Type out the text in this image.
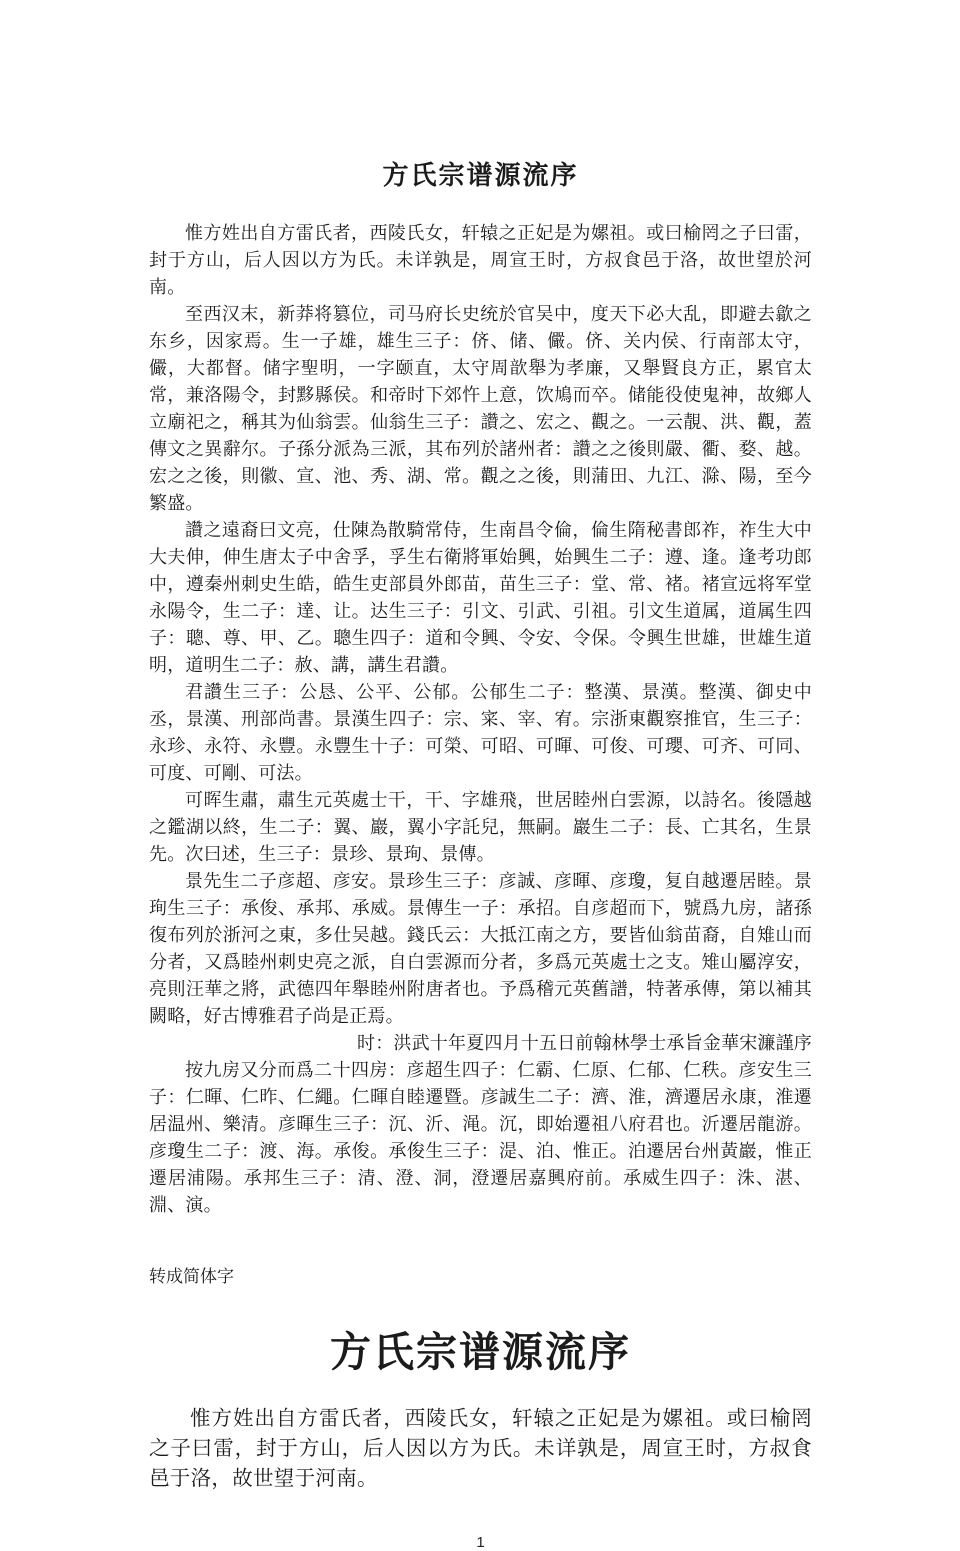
方氏宗谱源流序

惟方姓出自方雷氏者，西陵氏女，轩辕之正妃是为嫘祖。或曰榆罔之子曰雷，封于方山，后人因以方为氏。未详孰是，周宣王时，方叔食邑于洛，故世望於河南。

至西汉末，新莽将篡位，司马府长史统於官吴中，度天下必大乱，即避去歙之东乡，因家焉。生一子雄，雄生三子：侪、储、儼。侪、关内侯、行南部太守，儼，大都督。储字聖明，一字颐直，太守周歆舉为孝廉，又舉賢良方正，累官太常，兼洛陽令，封黟縣侯。和帝时下郊忤上意，饮鳩而卒。储能役使鬼神，故鄉人立廟祀之，稱其为仙翁雲。仙翁生三子：讚之、宏之、觀之。一云靚、洪、觀，蓋傳文之異辭尔。子孫分派為三派，其布列於諸州者：讚之之後則嚴、衢、婺、越。宏之之後，則徽、宣、池、秀、湖、常。觀之之後，則蒲田、九江、滁、陽，至今繁盛。

讚之遠裔曰文亮，仕陳為散騎常侍，生南昌令倫，倫生隋秘書郎祚，祚生大中大夫伸，伸生唐太子中舍孚，孚生右衛將軍始興，始興生二子：遵、逢。逢考功郎中，遵秦州刺史生皓，皓生吏部員外郎苗，苗生三子：堂、常、褚。褚宣远将军堂永陽令，生二子：達、让。达生三子：引文、引武、引祖。引文生道属，道属生四子：聰、尊、甲、乙。聰生四子：道和令興、令安、令保。令興生世雄，世雄生道明，道明生二子：赦、講，講生君讚。

君讚生三子：公恳、公平、公郁。公郁生二子：整漢、景漢。整漢、御史中丞，景漢、刑部尚書。景漢生四子：宗、寀、宰、宥。宗浙東觀察推官，生三子：永珍、永符、永豐。永豐生十子：可榮、可昭、可暉、可俊、可瓔、可齐、可同、可度、可剛、可法。

可晖生肅，肅生元英處士干，干、字雄飛，世居睦州白雲源，以詩名。後隱越之鑑湖以終，生二子：翼、巖，翼小字託兒，無嗣。巖生二子：長、亡其名，生景先。次曰述，生三子：景珍、景珣、景傳。

景先生二子彦超、彦安。景珍生三子：彦誠、彦暉、彦瓊，复自越遷居睦。景珣生三子：承俊、承邦、承威。景傳生一子：承招。自彦超而下，號爲九房，諸孫復布列於浙河之東，多仕吴越。錢氏云：大抵江南之方，要皆仙翁苗裔，自雉山而分者，又爲睦州刺史亮之派，自白雲源而分者，多爲元英處士之支。雉山屬淳安，亮則汪華之將，武德四年舉睦州附唐者也。予爲稽元英舊譜，特著承傳，第以補其闕略，好古博雅君子尚是正焉。

时：洪武十年夏四月十五日前翰林學士承旨金華宋濂謹序

按九房又分而爲二十四房：彦超生四子：仁霸、仁原、仁郁、仁秩。彦安生三子：仁暉、仁昨、仁繩。仁暉自睦遷暨。彦誠生二子：濟、淮，濟遷居永康，淮遷居温州、樂清。彦暉生三子：沉、沂、渑。沉，即始遷祖八府君也。沂遷居龍游。彦瓊生二子：渡、海。承俊。承俊生三子：湜、泊、惟正。泊遷居台州黃巖，惟正遷居浦陽。承邦生三子：清、澄、洞，澄遷居嘉興府前。承威生四子：洙、湛、淵、演。

转成简体字

方氏宗谱源流序

惟方姓出自方雷氏者，西陵氏女，轩辕之正妃是为嫘祖。或曰榆罔之子曰雷，封于方山，后人因以方为氏。未详孰是，周宣王时，方叔食邑于洛，故世望于河南。

1
